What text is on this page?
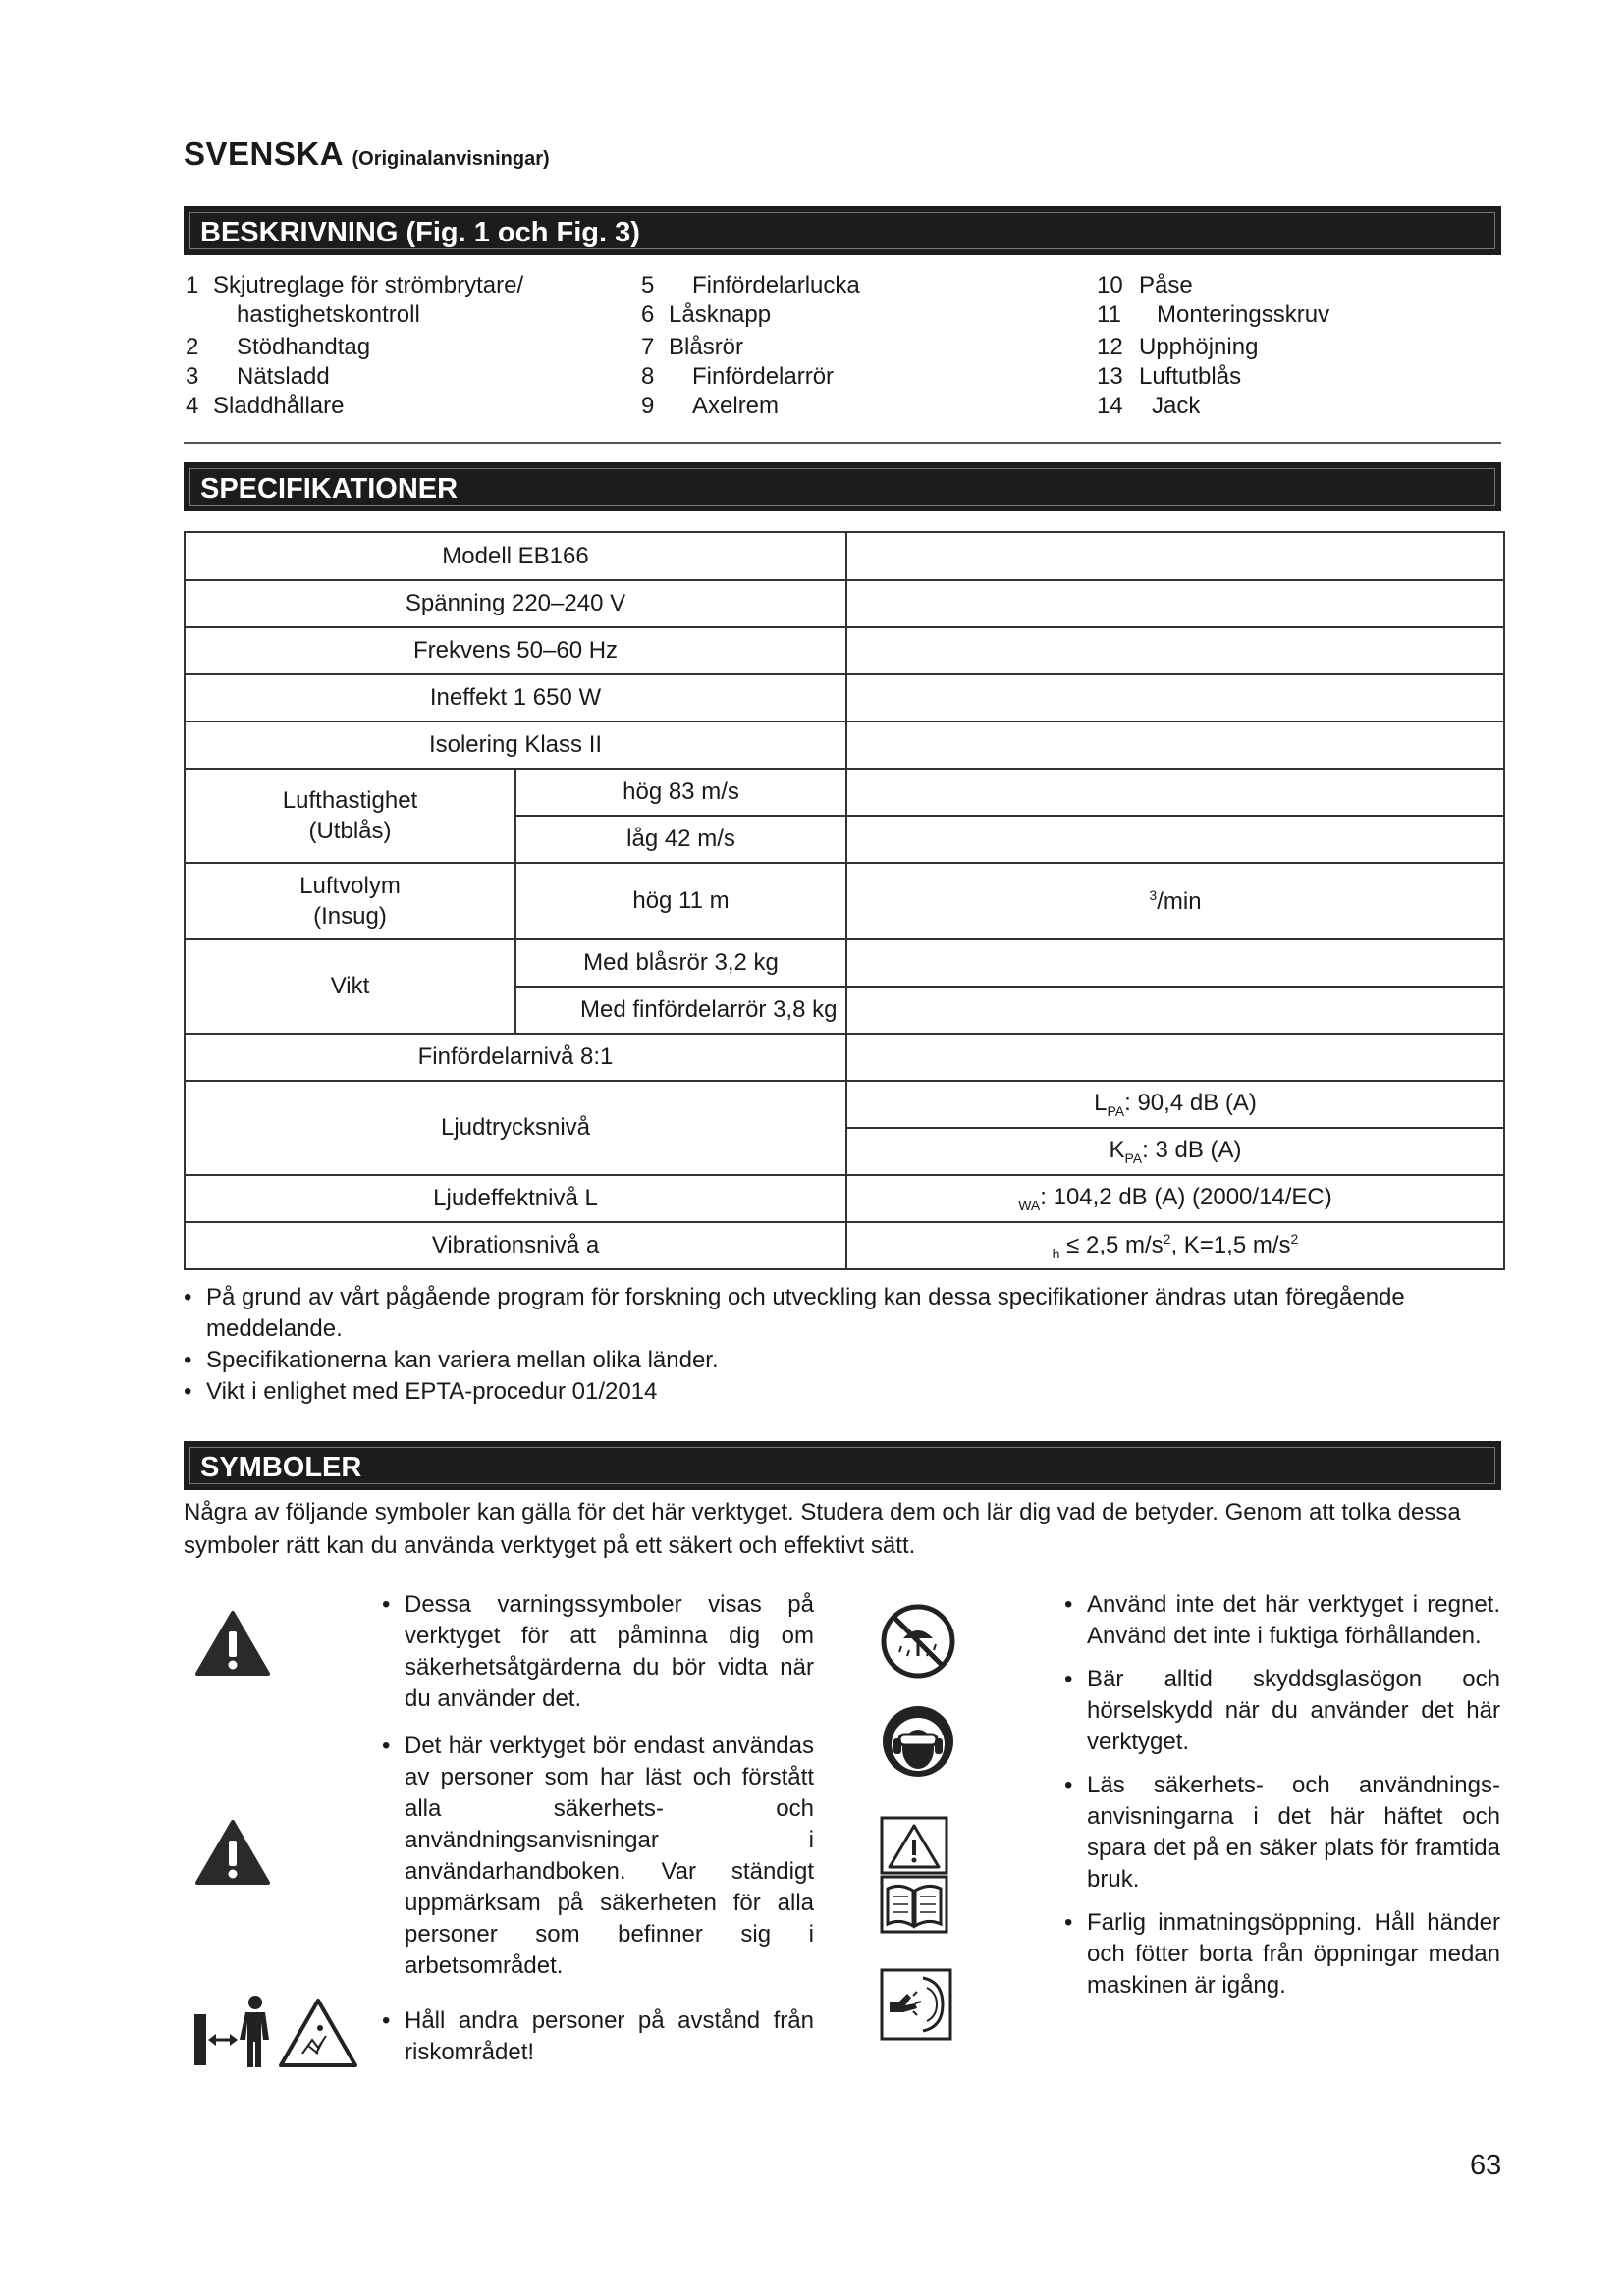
SVENSKA (Originalanvisningar)
BESKRIVNING (Fig. 1 och Fig. 3)
1 Skjutreglage för strömbrytare/
hastighetskontroll
2 Stödhandtag
3 Nätsladd
4 Sladdhållare
5 Finfördelarlucka
6 Låsknapp
7 Blåsrör
8 Finfördelarrör
9 Axelrem
10 Påse
11 Monteringsskruv
12 Upphöjning
13 Luftutblås
14 Jack
SPECIFIKATIONER
Modell EB166		
Spänning 220–240 V		
Frekvens 50–60 Hz		
Ineffekt 1 650 W		
Isolering Klass II		

Lufthastighet
(Utblås)	hög 83 m/s	
	låg 42 m/s	

Luftvolym
(Insug)	hög 11 m	$^3$/min
Vikt	Med blåsrör 3,2 kg	
	Med finfördelarrör 3,8 kg	
Finfördelarnivå 8:1		
Ljudtrycksnivå		$L_{PA}$: 90,4 dB (A)
		$K_{PA}$: 3 dB (A)
Ljudeffektnivå L		$_{WA}$: 104,2 dB (A) (2000/14/EC)
Vibrationsnivå a		$_h$ ≤ 2,5 $m/s^2$, K=1,5 $m/s^2$

• På grund av vårt pågående program för forskning och utveckling kan dessa specifikationer ändras utan föregående meddelande.

• Specifikationerna kan variera mellan olika länder.

• Vikt i enlighet med EPTA-procedur 01/2014

SYMBOLER
Några av följande symboler kan gälla för det här verktyget. Studera dem och lär dig vad de betyder. Genom att tolka dessa symboler rätt kan du använda verktyget på ett säkert och effektivt sätt.

• Dessa varningssymboler visas på verktyget för att påminna dig om säkerhetsåtgärderna du bör vidta när du använder det.

• Det här verktyget bör endast användas av personer som har läst och förstått alla säkerhets- och användningsanvisningar i användarhandboken. Var ständigt uppmärksam på säkerheten för alla personer som befinner sig i arbetsområdet.

• Håll andra personer på avstånd från riskområdet!

• Använd inte det här verktyget i regnet. Använd det inte i fuktiga förhållanden.

• Bär alltid skyddsglasögon och hörselskydd när du använder det här verktyget.

• Läs säkerhets- och användnings-anvisningarna i det här häftet och spara det på en säker plats för framtida bruk.

• Farlig inmatningsöppning. Håll händer och fötter borta från öppningar medan maskinen är igång.

63
